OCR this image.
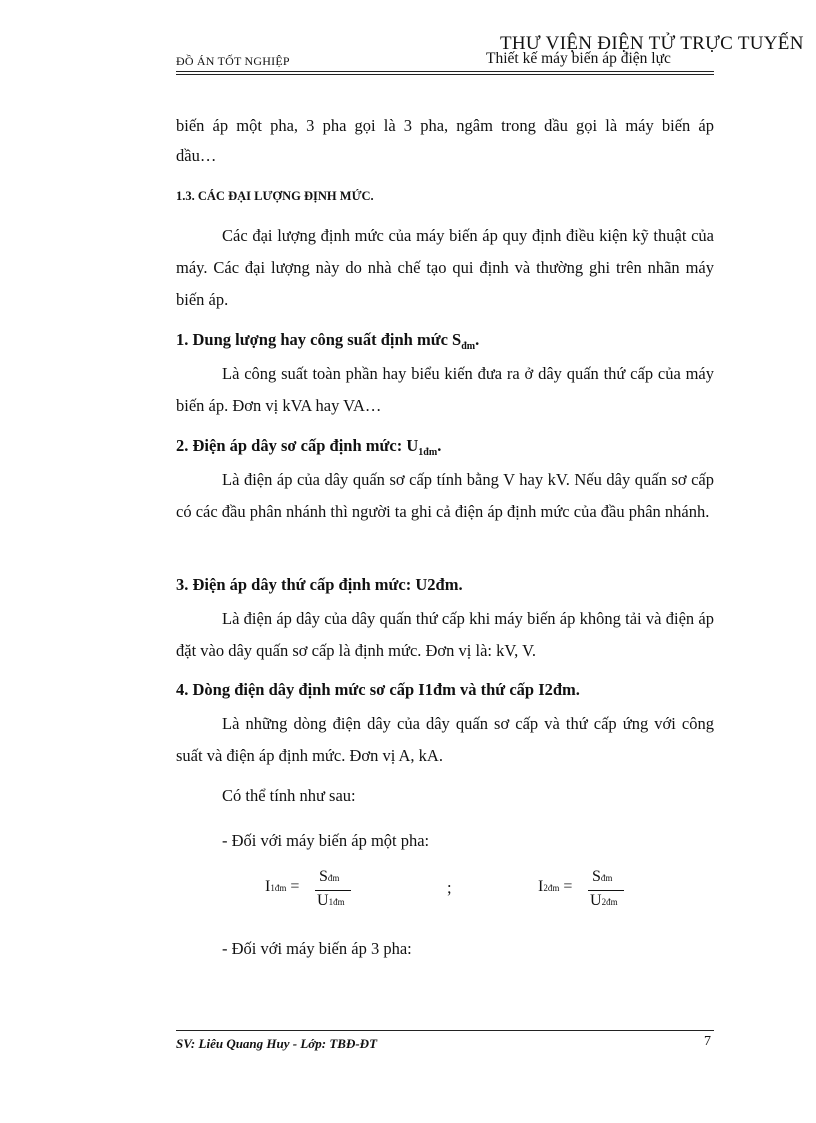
THƯ VIỆN ĐIỆN TỬ TRỰC TUYẾN
ĐỒ ÁN TỐT NGHIỆP	Thiết kế máy biến áp điện lực
biến áp một pha, 3 pha gọi là 3 pha, ngâm trong dầu gọi là máy biến áp
dầu…
1.3. CÁC ĐẠI LƯỢNG ĐỊNH MỨC.

Các đại lượng định mức của máy biến áp quy định điều kiện kỹ thuật của máy. Các đại lượng này do nhà chế tạo qui định và thường ghi trên nhãn máy biến áp.

1. Dung lượng hay công suất định mức $S_{đm}$.

Là công suất toàn phần hay biểu kiến đưa ra ở dây quấn thứ cấp của máy biến áp. Đơn vị kVA hay VA…

2. Điện áp dây sơ cấp định mức: $U_{1đm}$.

Là điện áp của dây quấn sơ cấp tính bằng V hay kV. Nếu dây quấn sơ cấp có các đầu phân nhánh thì người ta ghi cả điện áp định mức của đầu phân nhánh.

3. Điện áp dây thứ cấp định mức: U2đm.

Là điện áp dây của dây quấn thứ cấp khi máy biến áp không tải và điện áp đặt vào dây quấn sơ cấp là định mức. Đơn vị là: kV, V.

4. Dòng điện dây định mức sơ cấp I1đm và thứ cấp I2đm.

Là những dòng điện dây của dây quấn sơ cấp và thứ cấp ứng với công suất và điện áp định mức. Đơn vị A, kA.

Có thể tính như sau:
- Đối với máy biến áp một pha:
I1đm =
Sđm
U1đm
;	I2đm =
Sđm
U2đm
- Đối với máy biến áp 3 pha:
SV: Liêu Quang Huy - Lớp: TBĐ-ĐT	7
